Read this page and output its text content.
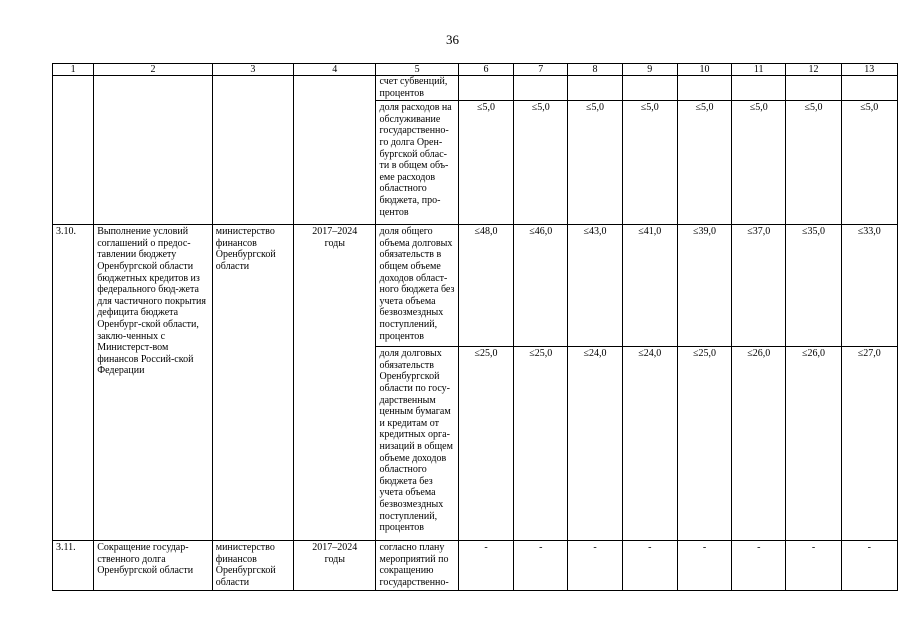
36
1	2	3	4	5	6	7	8	9	10	11	12	13
				счет субвенций, процентов								
				доля расходов на обслуживание государственно-го долга Орен-бургской облас-ти в общем объ-еме расходов областного бюджета, про-центов	≤5,0	≤5,0	≤5,0	≤5,0	≤5,0	≤5,0	≤5,0	≤5,0
3.10.	Выполнение условий соглашений о предос-тавлении бюджету Оренбургской области бюджетных кредитов из федерального бюд-жета для частичного покрытия дефицита бюджета Оренбург-ской области, заклю-ченных с Министерст-вом финансов Россий-ской Федерации	министерство финансов Оренбургской области	2017–2024 годы	доля общего объема долговых обязательств в общем объеме доходов област-ного бюджета без учета объема безвозмездных поступлений, процентов	≤48,0	≤46,0	≤43,0	≤41,0	≤39,0	≤37,0	≤35,0	≤33,0
				доля долговых обязательств Оренбургской области по госу-дарственным ценным бумагам и кредитам от кредитных орга-низаций в общем объеме доходов областного бюджета без учета объема безвозмездных поступлений, процентов	≤25,0	≤25,0	≤24,0	≤24,0	≤25,0	≤26,0	≤26,0	≤27,0
3.11.	Сокращение государ-ственного долга Оренбургской области	министерство финансов Оренбургской области	2017–2024 годы	согласно плану мероприятий по сокращению государственно-	-	-	-	-	-	-	-	-
